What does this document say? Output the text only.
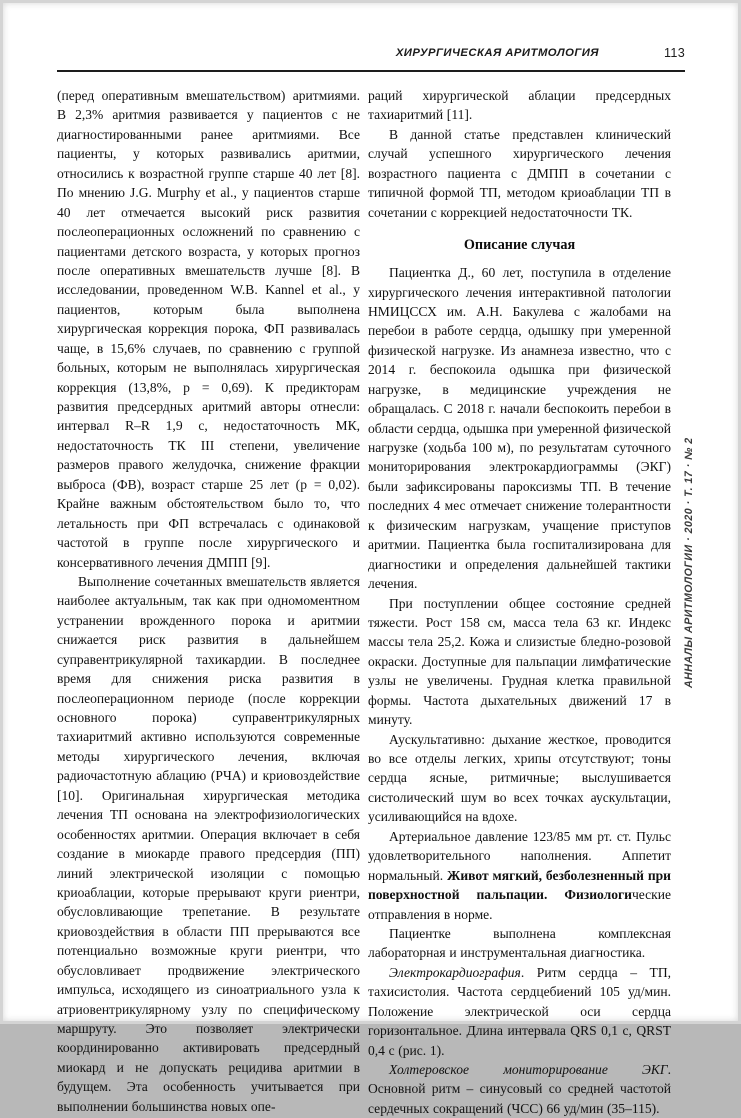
ХИРУРГИЧЕСКАЯ АРИТМОЛОГИЯ	113

(перед оперативным вмешательством) аритмиями. В 2,3% аритмия развивается у пациентов с не диагностированными ранее аритмиями. Все пациенты, у которых развивались аритмии, относились к возрастной группе старше 40 лет [8]. По мнению J.G. Murphy et al., у пациентов старше 40 лет отмечается высокий риск развития послеоперационных осложнений по сравнению с пациентами детского возраста, у которых прогноз после оперативных вмешательств лучше [8]. В исследовании, проведенном W.B. Kannel et al., у пациентов, которым была выполнена хирургическая коррекция порока, ФП развивалась чаще, в 15,6% случаев, по сравнению с группой больных, которым не выполнялась хирургическая коррекция (13,8%, p = 0,69). К предикторам развития предсердных аритмий авторы отнесли: интервал R–R 1,9 с, недостаточность МК, недостаточность ТК III степени, увеличение размеров правого желудочка, снижение фракции выброса (ФВ), возраст старше 25 лет (p = 0,02). Крайне важным обстоятельством было то, что летальность при ФП встречалась с одинаковой частотой в группе после хирургического и консервативного лечения ДМПП [9].

Выполнение сочетанных вмешательств является наиболее актуальным, так как при одномоментном устранении врожденного порока и аритмии снижается риск развития в дальнейшем суправентрикулярной тахикардии. В последнее время для снижения риска развития в послеоперационном периоде (после коррекции основного порока) суправентрикулярных тахиаритмий активно используются современные методы хирургического лечения, включая радиочастотную аблацию (РЧА) и криовоздействие [10]. Оригинальная хирургическая методика лечения ТП основана на электрофизиологических особенностях аритмии. Операция включает в себя создание в миокарде правого предсердия (ПП) линий электрической изоляции с помощью криоаблации, которые прерывают круги риентри, обусловливающие трепетание. В результате криовоздействия в области ПП прерываются все потенциально возможные круги риентри, что обусловливает продвижение электрического импульса, исходящего из синоатриального узла к атриовентрикулярному узлу по специфическому маршруту. Это позволяет электрически координированно активировать предсердный миокард и не допускать рецидива аритмии в будущем. Эта особенность учитывается при выполнении большинства новых опе-

раций хирургической аблации предсердных тахиаритмий [11].

В данной статье представлен клинический случай успешного хирургического лечения возрастного пациента с ДМПП в сочетании с типичной формой ТП, методом криоаблации ТП в сочетании с коррекцией недостаточности ТК.

Описание случая

Пациентка Д., 60 лет, поступила в отделение хирургического лечения интерактивной патологии НМИЦССХ им. А.Н. Бакулева с жалобами на перебои в работе сердца, одышку при умеренной физической нагрузке. Из анамнеза известно, что с 2014 г. беспокоила одышка при физической нагрузке, в медицинские учреждения не обращалась. С 2018 г. начали беспокоить перебои в области сердца, одышка при умеренной физической нагрузке (ходьба 100 м), по результатам суточного мониторирования электрокардиограммы (ЭКГ) были зафиксированы пароксизмы ТП. В течение последних 4 мес отмечает снижение толерантности к физическим нагрузкам, учащение приступов аритмии. Пациентка была госпитализирована для диагностики и определения дальнейшей тактики лечения.

При поступлении общее состояние средней тяжести. Рост 158 см, масса тела 63 кг. Индекс массы тела 25,2. Кожа и слизистые бледно-розовой окраски. Доступные для пальпации лимфатические узлы не увеличены. Грудная клетка правильной формы. Частота дыхательных движений 17 в минуту.

Аускультативно: дыхание жесткое, проводится во все отделы легких, хрипы отсутствуют; тоны сердца ясные, ритмичные; выслушивается систолический шум во всех точках аускультации, усиливающийся на вдохе.

Артериальное давление 123/85 мм рт. ст. Пульс удовлетворительного наполнения. Аппетит нормальный. Живот мягкий, безболезненный при поверхностной пальпации. Физиологические отправления в норме.

Пациентке выполнена комплексная лабораторная и инструментальная диагностика.

Электрокардиография. Ритм сердца – ТП, тахисистолия. Частота сердцебиений 105 уд/мин. Положение электрической оси сердца горизонтальное. Длина интервала QRS 0,1 с, QRST 0,4 с (рис. 1).

Холтеровское мониторирование ЭКГ. Основной ритм – синусовый со средней частотой сердечных сокращений (ЧСС) 66 уд/мин (35–115).

АННАЛЫ АРИТМОЛОГИИ · 2020 · Т. 17 · № 2
